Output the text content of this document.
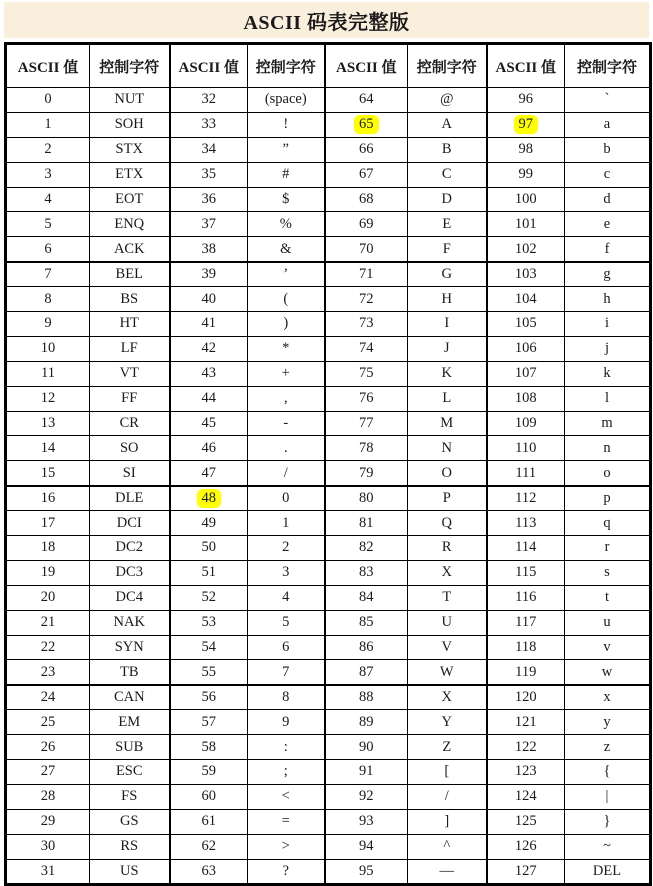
ASCII 码表完整版
ASCII 值	控制字符	ASCII 值	控制字符	ASCII 值	控制字符	ASCII 值	控制字符
0	NUT	32	(space)	64	@	96	`
1	SOH	33	!	65	A	97	a
2	STX	34	”	66	B	98	b
3	ETX	35	#	67	C	99	c
4	EOT	36	$	68	D	100	d
5	ENQ	37	%	69	E	101	e
6	ACK	38	&	70	F	102	f
7	BEL	39	’	71	G	103	g
8	BS	40	(	72	H	104	h
9	HT	41	)	73	I	105	i
10	LF	42	*	74	J	106	j
11	VT	43	+	75	K	107	k
12	FF	44	,	76	L	108	l
13	CR	45	-	77	M	109	m
14	SO	46	.	78	N	110	n
15	SI	47	/	79	O	111	o
16	DLE	48	0	80	P	112	p
17	DCI	49	1	81	Q	113	q
18	DC2	50	2	82	R	114	r
19	DC3	51	3	83	X	115	s
20	DC4	52	4	84	T	116	t
21	NAK	53	5	85	U	117	u
22	SYN	54	6	86	V	118	v
23	TB	55	7	87	W	119	w
24	CAN	56	8	88	X	120	x
25	EM	57	9	89	Y	121	y
26	SUB	58	:	90	Z	122	z
27	ESC	59	;	91	[	123	{
28	FS	60	<	92	/	124	|
29	GS	61	=	93	]	125	}
30	RS	62	>	94	^	126	~
31	US	63	?	95	—	127	DEL
